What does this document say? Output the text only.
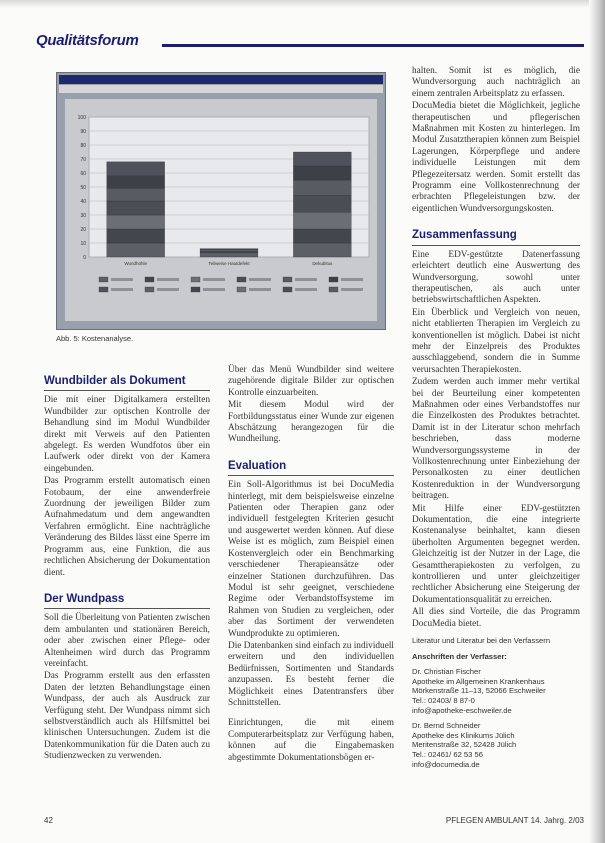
Qualitätsforum
0
10
20
30
40
50
60
70
80
90
100
Wundhöhle	Teilweise Hautdefekt	Dekubitus
Abb. 5: Kostenanalyse.
Wundbilder als Dokument

Die mit einer Digitalkamera erstellten Wundbilder zur optischen Kontrolle der Behandlung sind im Modul Wundbilder direkt mit Verweis auf den Patienten abgelegt. Es werden Wundfotos über ein Laufwerk oder direkt von der Kamera eingebunden.

Das Programm erstellt automatisch einen Fotobaum, der eine anwenderfreie Zuordnung der jeweiligen Bilder zum Aufnahmedatum und dem angewandten Verfahren ermöglicht. Eine nachträgliche Veränderung des Bildes lässt eine Sperre im Programm aus, eine Funktion, die aus rechtlichen Absicherung der Dokumentation dient.

Der Wundpass

Soll die Überleitung von Patienten zwischen dem ambulanten und stationären Bereich, oder aber zwischen einer Pflege- oder Altenheimen wird durch das Programm vereinfacht.

Das Programm erstellt aus den erfassten Daten der letzten Behandlungstage einen Wundpass, der auch als Ausdruck zur Verfügung steht. Der Wundpass nimmt sich selbstverständlich auch als Hilfsmittel bei klinischen Untersuchungen. Zudem ist die Datenkommunikation für die Daten auch zu Studienzwecken zu verwenden.

Über das Menü Wundbilder sind weitere zugehörende digitale Bilder zur optischen Kontrolle einzuarbeiten.

Mit diesem Modul wird der Fortbildungsstatus einer Wunde zur eigenen Abschätzung herangezogen für die Wundheilung.

Evaluation

Ein Soll-Algorithmus ist bei DocuMedia hinterlegt, mit dem beispielsweise einzelne Patienten oder Therapien ganz oder individuell festgelegten Kriterien gesucht und ausgewertet werden können. Auf diese Weise ist es möglich, zum Beispiel einen Kostenvergleich oder ein Benchmarking verschiedener Therapieansätze oder einzelner Stationen durchzuführen. Das Modul ist sehr geeignet, verschiedene Regime oder Verbandstoffsysteme im Rahmen von Studien zu vergleichen, oder aber das Sortiment der verwendeten Wundprodukte zu optimieren.

Die Datenbanken sind einfach zu individuell erweitern und den individuellen Bedürfnissen, Sortimenten und Standards anzupassen. Es besteht ferner die Möglichkeit eines Datentransfers über Schnittstellen.

Einrichtungen, die mit einem Computerarbeitsplatz zur Verfügung haben, können auf die Eingabemasken abgestimmte Dokumentationsbögen er-

halten. Somit ist es möglich, die Wundversorgung auch nachträglich an einem zentralen Arbeitsplatz zu erfassen.

DocuMedia bietet die Möglichkeit, jegliche therapeutischen und pflegerischen Maßnahmen mit Kosten zu hinterlegen. Im Modul Zusatztherapien können zum Beispiel Lagerungen, Körperpflege und andere individuelle Leistungen mit dem Pflegezeitersatz werden. Somit erstellt das Programm eine Vollkostenrechnung der erbrachten Pflegeleistungen bzw. der eigentlichen Wundversorgungskosten.

Zusammenfassung

Eine EDV-gestützte Datenerfassung erleichtert deutlich eine Auswertung des Wundversorgung, sowohl unter therapeutischen, als auch unter betriebswirtschaftlichen Aspekten.

Ein Überblick und Vergleich von neuen, nicht etablierten Therapien im Vergleich zu konventionellen ist möglich. Dabei ist nicht mehr der Einzelpreis des Produktes ausschlaggebend, sondern die in Summe verursachten Therapiekosten.

Zudem werden auch immer mehr vertikal bei der Beurteilung einer kompetenten Maßnahmen oder eines Verbandstoffes nur die Einzelkosten des Produktes betrachtet. Damit ist in der Literatur schon mehrfach beschrieben, dass moderne Wundversorgungssysteme in der Vollkostenrechnung unter Einbeziehung der Personalkosten zu einer deutlichen Kostenreduktion in der Wundversorgung beitragen.

Mit Hilfe einer EDV-gestützten Dokumentation, die eine integrierte Kostenanalyse beinhaltet, kann diesen überholten Argumenten begegnet werden. Gleichzeitig ist der Nutzer in der Lage, die Gesamttherapiekosten zu verfolgen, zu kontrollieren und unter gleichzeitiger rechtlicher Absicherung eine Steigerung der Dokumentationsqualität zu erreichen.

All dies sind Vorteile, die das Programm DocuMedia bietet.

Literatur und Literatur bei den Verfassern
Anschriften der Verfasser:
Dr. Christian Fischer
Apotheke im Allgemeinen Krankenhaus
Mörkenstraße 11–13, 52066 Eschweiler
Tel.: 02403/ 8 87-0
info@apotheke-eschweiler.de
Dr. Bernd Schneider
Apotheke des Klinikums Jülich
Meritenstraße 32, 52428 Jülich
Tel.: 02461/ 62 53 56
info@documedia.de
42	PFLEGEN AMBULANT 14. Jahrg. 2/03
